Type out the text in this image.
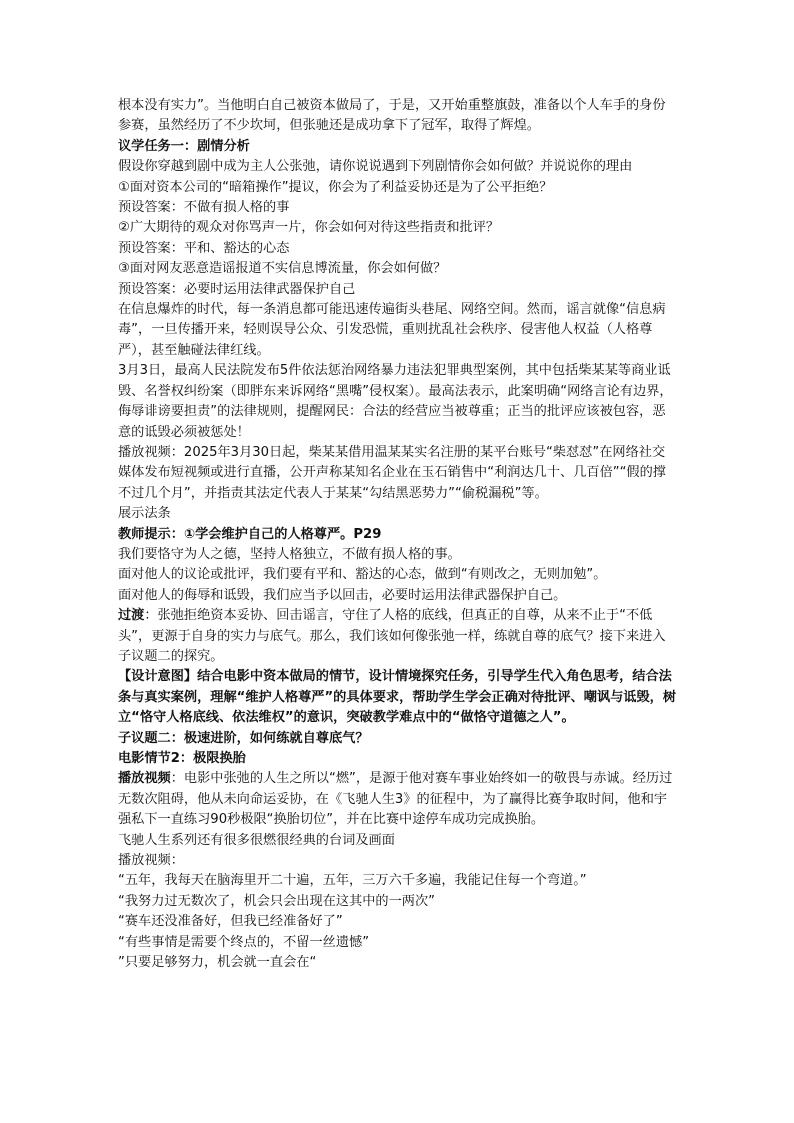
根本没有实力”。当他明白自己被资本做局了，于是，又开始重整旗鼓，准备以个人车手的身份参赛，虽然经历了不少坎坷，但张驰还是成功拿下了冠军，取得了辉煌。

议学任务一：剧情分析

假设你穿越到剧中成为主人公张弛，请你说说遇到下列剧情你会如何做？并说说你的理由

①面对资本公司的“暗箱操作”提议，你会为了利益妥协还是为了公平拒绝？

预设答案：不做有损人格的事

②广大期待的观众对你骂声一片，你会如何对待这些指责和批评？

预设答案：平和、豁达的心态

③面对网友恶意造谣报道不实信息博流量，你会如何做？

预设答案：必要时运用法律武器保护自己

在信息爆炸的时代，每一条消息都可能迅速传遍街头巷尾、网络空间。然而，谣言就像“信息病毒”，一旦传播开来，轻则误导公众、引发恐慌，重则扰乱社会秩序、侵害他人权益（人格尊严），甚至触碰法律红线。

3月3日，最高人民法院发布5件依法惩治网络暴力违法犯罪典型案例，其中包括柴某某等商业诋毁、名誉权纠纷案（即胖东来诉网络“黑嘴”侵权案）。最高法表示，此案明确“网络言论有边界，侮辱诽谤要担责”的法律规则，提醒网民：合法的经营应当被尊重；正当的批评应该被包容，恶意的诋毁必须被惩处！

播放视频：2025年3月30日起，柴某某借用温某某实名注册的某平台账号“柴怼怼”在网络社交媒体发布短视频或进行直播，公开声称某知名企业在玉石销售中“利润达几十、几百倍”“假的撑不过几个月”，并指责其法定代表人于某某“勾结黑恶势力”“偷税漏税”等。

展示法条

教师提示：①学会维护自己的人格尊严。P29

我们要恪守为人之德，坚持人格独立，不做有损人格的事。

面对他人的议论或批评，我们要有平和、豁达的心态，做到“有则改之，无则加勉”。

面对他人的侮辱和诋毁，我们应当予以回击，必要时运用法律武器保护自己。

过渡：张弛拒绝资本妥协、回击谣言，守住了人格的底线，但真正的自尊，从来不止于“不低头”，更源于自身的实力与底气。那么，我们该如何像张弛一样，练就自尊的底气？接下来进入子议题二的探究。

【设计意图】结合电影中资本做局的情节，设计情境探究任务，引导学生代入角色思考，结合法条与真实案例，理解“维护人格尊严”的具体要求，帮助学生学会正确对待批评、嘲讽与诋毁，树立“恪守人格底线、依法维权”的意识，突破教学难点中的“做恪守道德之人”。

子议题二：极速进阶，如何练就自尊底气？

电影情节2：极限换胎

播放视频：电影中张弛的人生之所以“燃”，是源于他对赛车事业始终如一的敬畏与赤诚。经历过无数次阻碍，他从未向命运妥协，在《飞驰人生3》的征程中，为了赢得比赛争取时间，他和宇强私下一直练习90秒极限“换胎切位”，并在比赛中途停车成功完成换胎。

飞驰人生系列还有很多很燃很经典的台词及画面

播放视频：

“五年，我每天在脑海里开二十遍，五年，三万六千多遍，我能记住每一个弯道。”

“我努力过无数次了，机会只会出现在这其中的一两次”

“赛车还没准备好，但我已经准备好了”

“有些事情是需要个终点的，不留一丝遗憾”

”只要足够努力，机会就一直会在“
